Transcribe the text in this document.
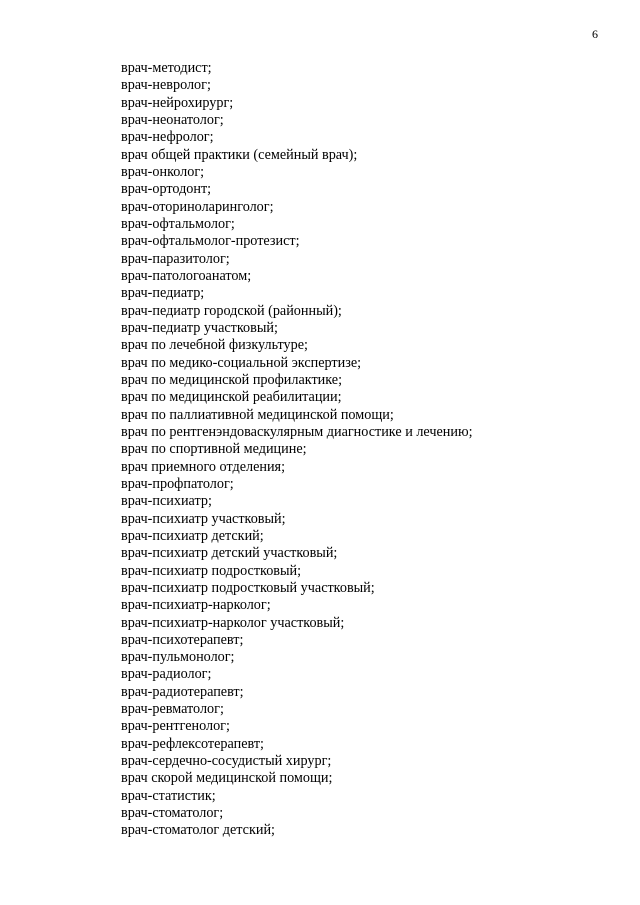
6
врач-методист;
врач-невролог;
врач-нейрохирург;
врач-неонатолог;
врач-нефролог;
врач общей практики (семейный врач);
врач-онколог;
врач-ортодонт;
врач-оториноларинголог;
врач-офтальмолог;
врач-офтальмолог-протезист;
врач-паразитолог;
врач-патологоанатом;
врач-педиатр;
врач-педиатр городской (районный);
врач-педиатр участковый;
врач по лечебной физкультуре;
врач по медико-социальной экспертизе;
врач по медицинской профилактике;
врач по медицинской реабилитации;
врач по паллиативной медицинской помощи;
врач по рентгенэндоваскулярным диагностике и лечению;
врач по спортивной медицине;
врач приемного отделения;
врач-профпатолог;
врач-психиатр;
врач-психиатр участковый;
врач-психиатр детский;
врач-психиатр детский участковый;
врач-психиатр подростковый;
врач-психиатр подростковый участковый;
врач-психиатр-нарколог;
врач-психиатр-нарколог участковый;
врач-психотерапевт;
врач-пульмонолог;
врач-радиолог;
врач-радиотерапевт;
врач-ревматолог;
врач-рентгенолог;
врач-рефлексотерапевт;
врач-сердечно-сосудистый хирург;
врач скорой медицинской помощи;
врач-статистик;
врач-стоматолог;
врач-стоматолог детский;
